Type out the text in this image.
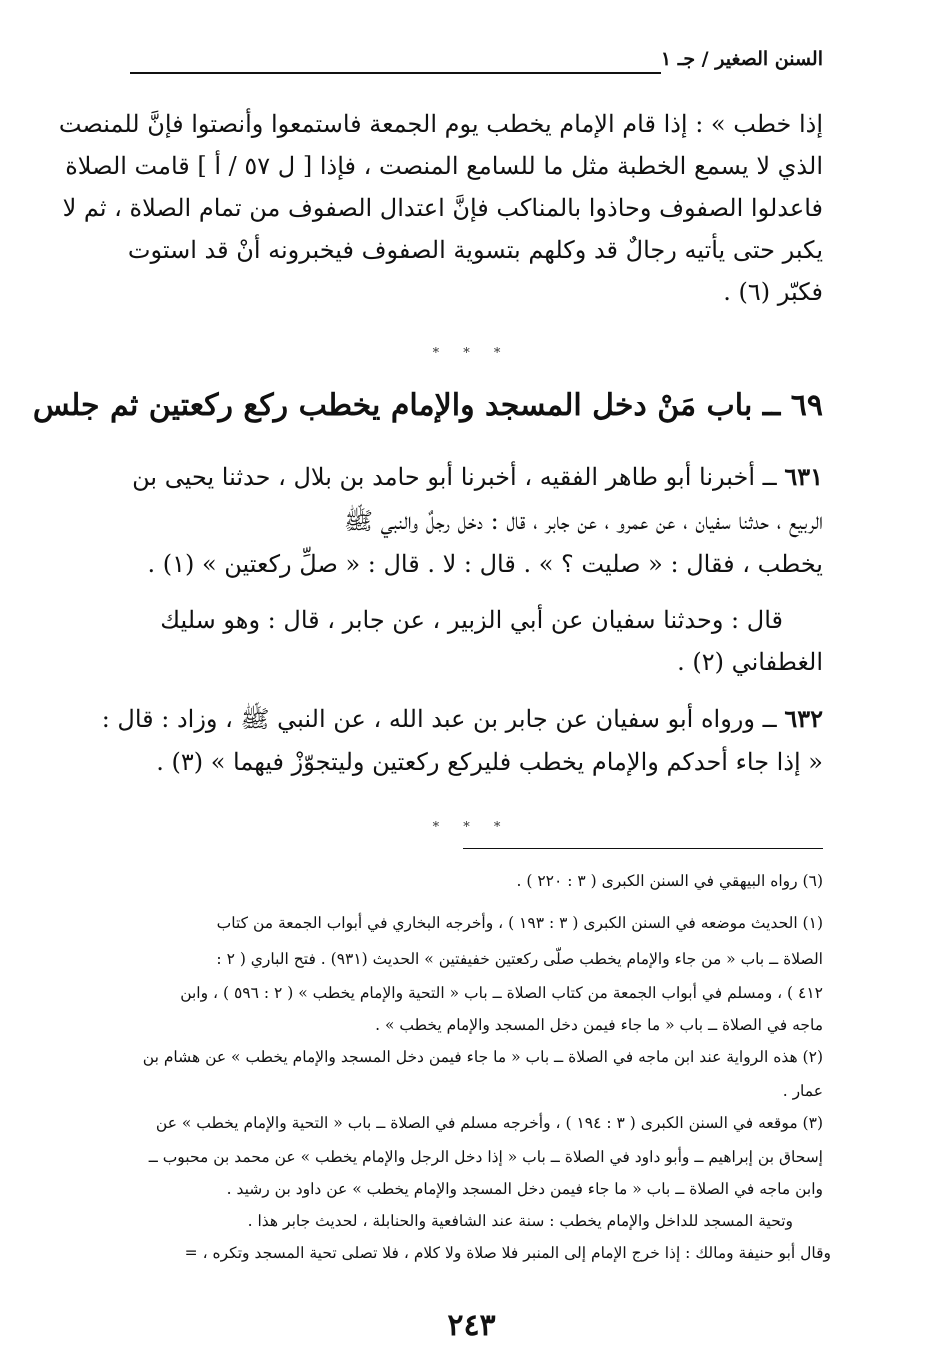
السنن الصغير / جـ ١
إذا خطب » : إذا قام الإمام يخطب يوم الجمعة فاستمعوا وأنصتوا فإنَّ للمنصت
الذي لا يسمع الخطبة مثل ما للسامع المنصت ، فإذا [ ل ٥٧ / أ ] قامت الصلاة
فاعدلوا الصفوف وحاذوا بالمناكب فإنَّ اعتدال الصفوف من تمام الصلاة ، ثم لا
يكبر حتى يأتيه رجالٌ قد وكلهم بتسوية الصفوف فيخبرونه أنْ قد استوت
فكبّر (٦) .
* * *
٦٩ ــ باب مَنْ دخل المسجد والإمام يخطب ركع ركعتين ثم جلس
٦٣١ ــ أخبرنا أبو طاهر الفقيه ، أخبرنا أبو حامد بن بلال ، حدثنا يحيى بن
الربيع ، حدثنا سفيان ، عن عمرو ، عن جابر ، قال : دخل رجلٌ والنبي ﷺ
يخطب ، فقال : « صليت ؟ » . قال : لا . قال : « صلِّ ركعتين » (١) .
قال : وحدثنا سفيان عن أبي الزبير ، عن جابر ، قال : وهو سليك
الغطفاني (٢) .
٦٣٢ ــ ورواه أبو سفيان عن جابر بن عبد الله ، عن النبي ﷺ ، وزاد : قال :
« إذا جاء أحدكم والإمام يخطب فليركع ركعتين وليتجوّزْ فيهما » (٣) .
* * *
(٦) رواه البيهقي في السنن الكبرى ( ٣ : ٢٢٠ ) .
(١) الحديث موضعه في السنن الكبرى ( ٣ : ١٩٣ ) ، وأخرجه البخاري في أبواب الجمعة من كتاب
الصلاة ــ باب « من جاء والإمام يخطب صلّى ركعتين خفيفتين » الحديث (٩٣١) . فتح الباري ( ٢ :
٤١٢ ) ، ومسلم في أبواب الجمعة من كتاب الصلاة ــ باب « التحية والإمام يخطب » ( ٢ : ٥٩٦ ) ، وابن
ماجه في الصلاة ــ باب « ما جاء فيمن دخل المسجد والإمام يخطب » .
(٢) هذه الرواية عند ابن ماجه في الصلاة ــ باب « ما جاء فيمن دخل المسجد والإمام يخطب » عن هشام بن
عمار .
(٣) موقعه في السنن الكبرى ( ٣ : ١٩٤ ) ، وأخرجه مسلم في الصلاة ــ باب « التحية والإمام يخطب » عن
إسحاق بن إبراهيم ــ وأبو داود في الصلاة ــ باب « إذا دخل الرجل والإمام يخطب » عن محمد بن محبوب ــ
وابن ماجه في الصلاة ــ باب « ما جاء فيمن دخل المسجد والإمام يخطب » عن داود بن رشيد .
وتحية المسجد للداخل والإمام يخطب : سنة عند الشافعية والحنابلة ، لحديث جابر هذا .
وقال أبو حنيفة ومالك : إذا خرج الإمام إلى المنبر فلا صلاة ولا كلام ، فلا تصلى تحية المسجد وتكره ، =
٢٤٣
